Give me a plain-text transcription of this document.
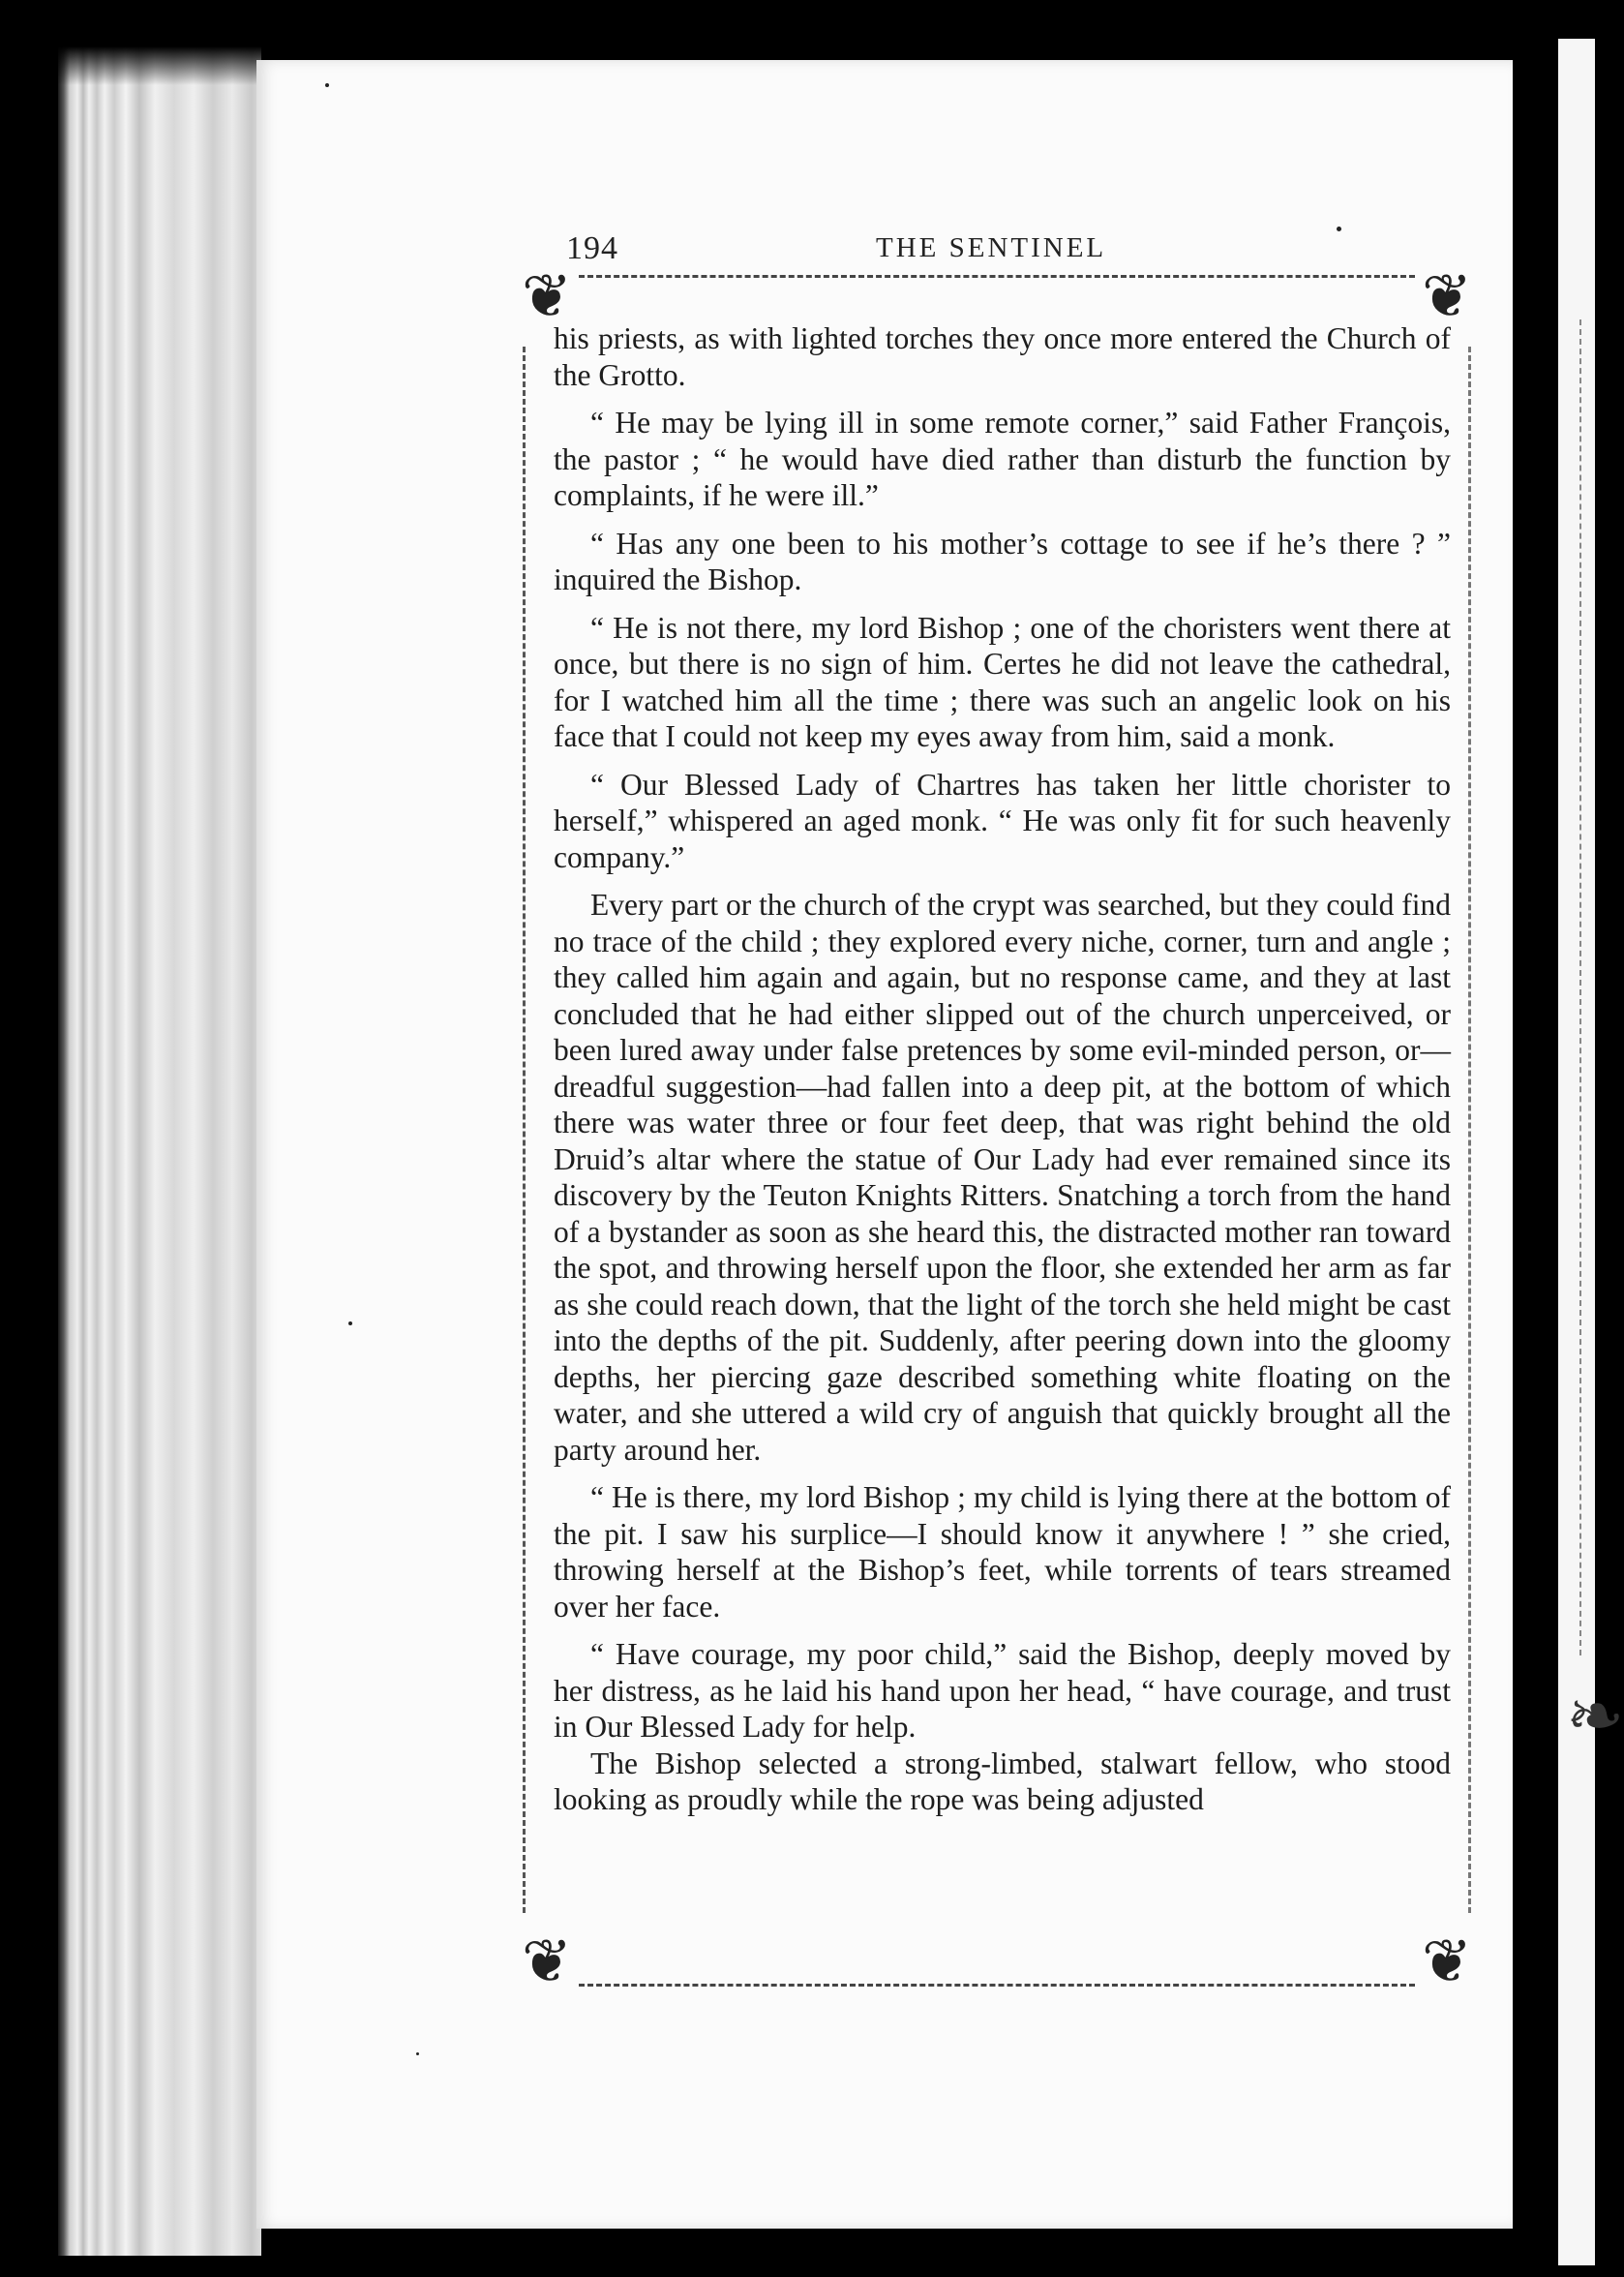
❧
194	THE SENTINEL
❦	❦
❦	❦

his priests, as with lighted torches they once more entered the Church of the Grotto.

“ He may be lying ill in some remote corner,” said Father François, the pastor ; “ he would have died rather than disturb the function by complaints, if he were ill.”

“ Has any one been to his mother’s cottage to see if he’s there ? ” inquired the Bishop.

“ He is not there, my lord Bishop ; one of the choristers went there at once, but there is no sign of him. Certes he did not leave the cathedral, for I watched him all the time ; there was such an angelic look on his face that I could not keep my eyes away from him, said a monk.

“ Our Blessed Lady of Chartres has taken her little chorister to herself,” whispered an aged monk. “ He was only fit for such heavenly company.”

Every part or the church of the crypt was searched, but they could find no trace of the child ; they explored every niche, corner, turn and angle ; they called him again and again, but no response came, and they at last concluded that he had either slipped out of the church unperceived, or been lured away under false pretences by some evil-minded person, or—dreadful suggestion—had fallen into a deep pit, at the bottom of which there was water three or four feet deep, that was right behind the old Druid’s altar where the statue of Our Lady had ever remained since its discovery by the Teuton Knights Ritters. Snatching a torch from the hand of a bystander as soon as she heard this, the distracted mother ran toward the spot, and throwing herself upon the floor, she extended her arm as far as she could reach down, that the light of the torch she held might be cast into the depths of the pit. Suddenly, after peering down into the gloomy depths, her piercing gaze described something white floating on the water, and she uttered a wild cry of anguish that quickly brought all the party around her.

“ He is there, my lord Bishop ; my child is lying there at the bottom of the pit. I saw his surplice—I should know it anywhere ! ” she cried, throwing herself at the Bishop’s feet, while torrents of tears streamed over her face.

“ Have courage, my poor child,” said the Bishop, deeply moved by her distress, as he laid his hand upon her head, “ have courage, and trust in Our Blessed Lady for help.

The Bishop selected a strong-limbed, stalwart fellow, who stood looking as proudly while the rope was being adjusted
